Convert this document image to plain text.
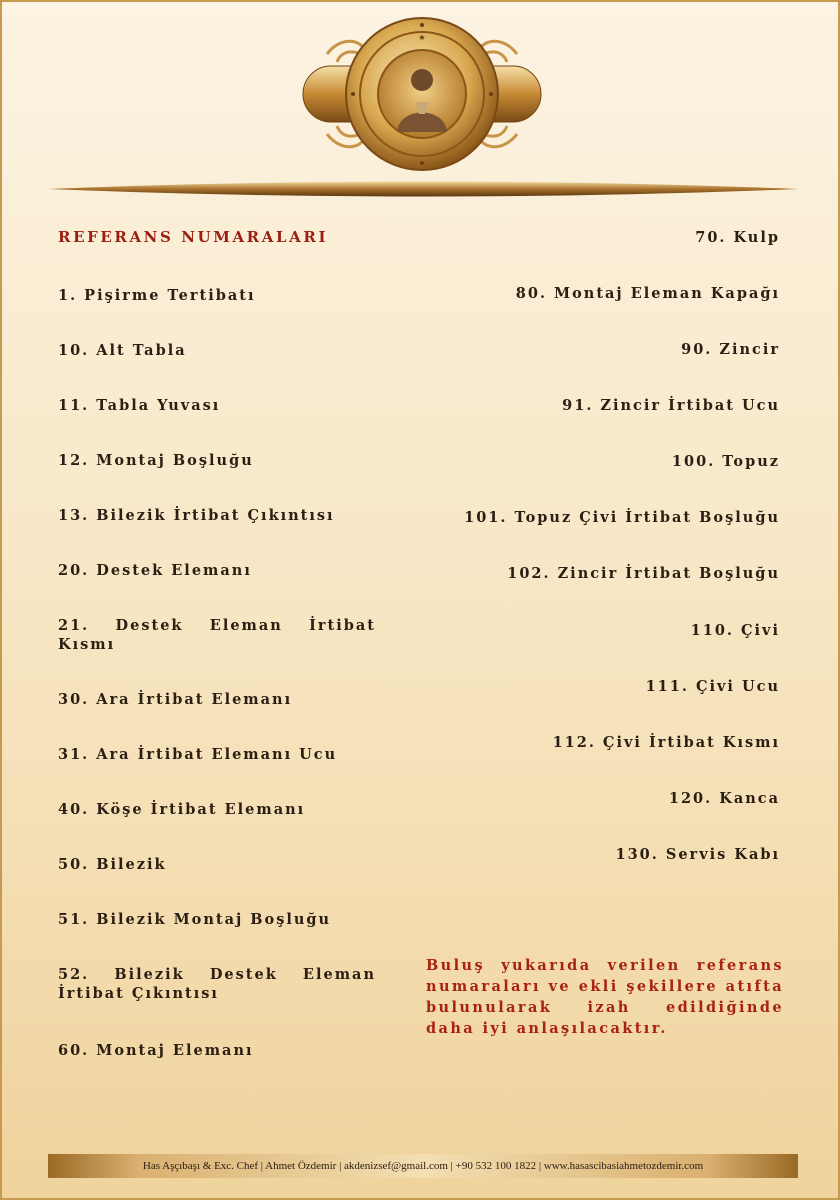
★
REFERANS NUMARALARI
1. Pişirme Tertibatı
10. Alt Tabla
11. Tabla Yuvası
12. Montaj Boşluğu
13. Bilezik İrtibat Çıkıntısı
20. Destek Elemanı
21. Destek Eleman İrtibat Kısmı
30. Ara İrtibat Elemanı
31. Ara İrtibat Elemanı Ucu
40. Köşe İrtibat Elemanı
50. Bilezik
51. Bilezik Montaj Boşluğu
52. Bilezik Destek Eleman İrtibat Çıkıntısı
60. Montaj Elemanı
70. Kulp
80. Montaj Eleman Kapağı
90. Zincir
91. Zincir İrtibat Ucu
100. Topuz
101. Topuz Çivi İrtibat Boşluğu
102. Zincir İrtibat Boşluğu
110. Çivi
111. Çivi Ucu
112. Çivi İrtibat Kısmı
120. Kanca
130. Servis Kabı

Buluş yukarıda verilen referans numaraları ve ekli şekillere atıfta bulunularak izah edildiğinde daha iyi anlaşılacaktır.

Has Aşçıbaşı & Exc. Chef | Ahmet Özdemir | akdenizsef@gmail.com | +90 532 100 1822 | www.hasascibasiahmetozdemir.com
